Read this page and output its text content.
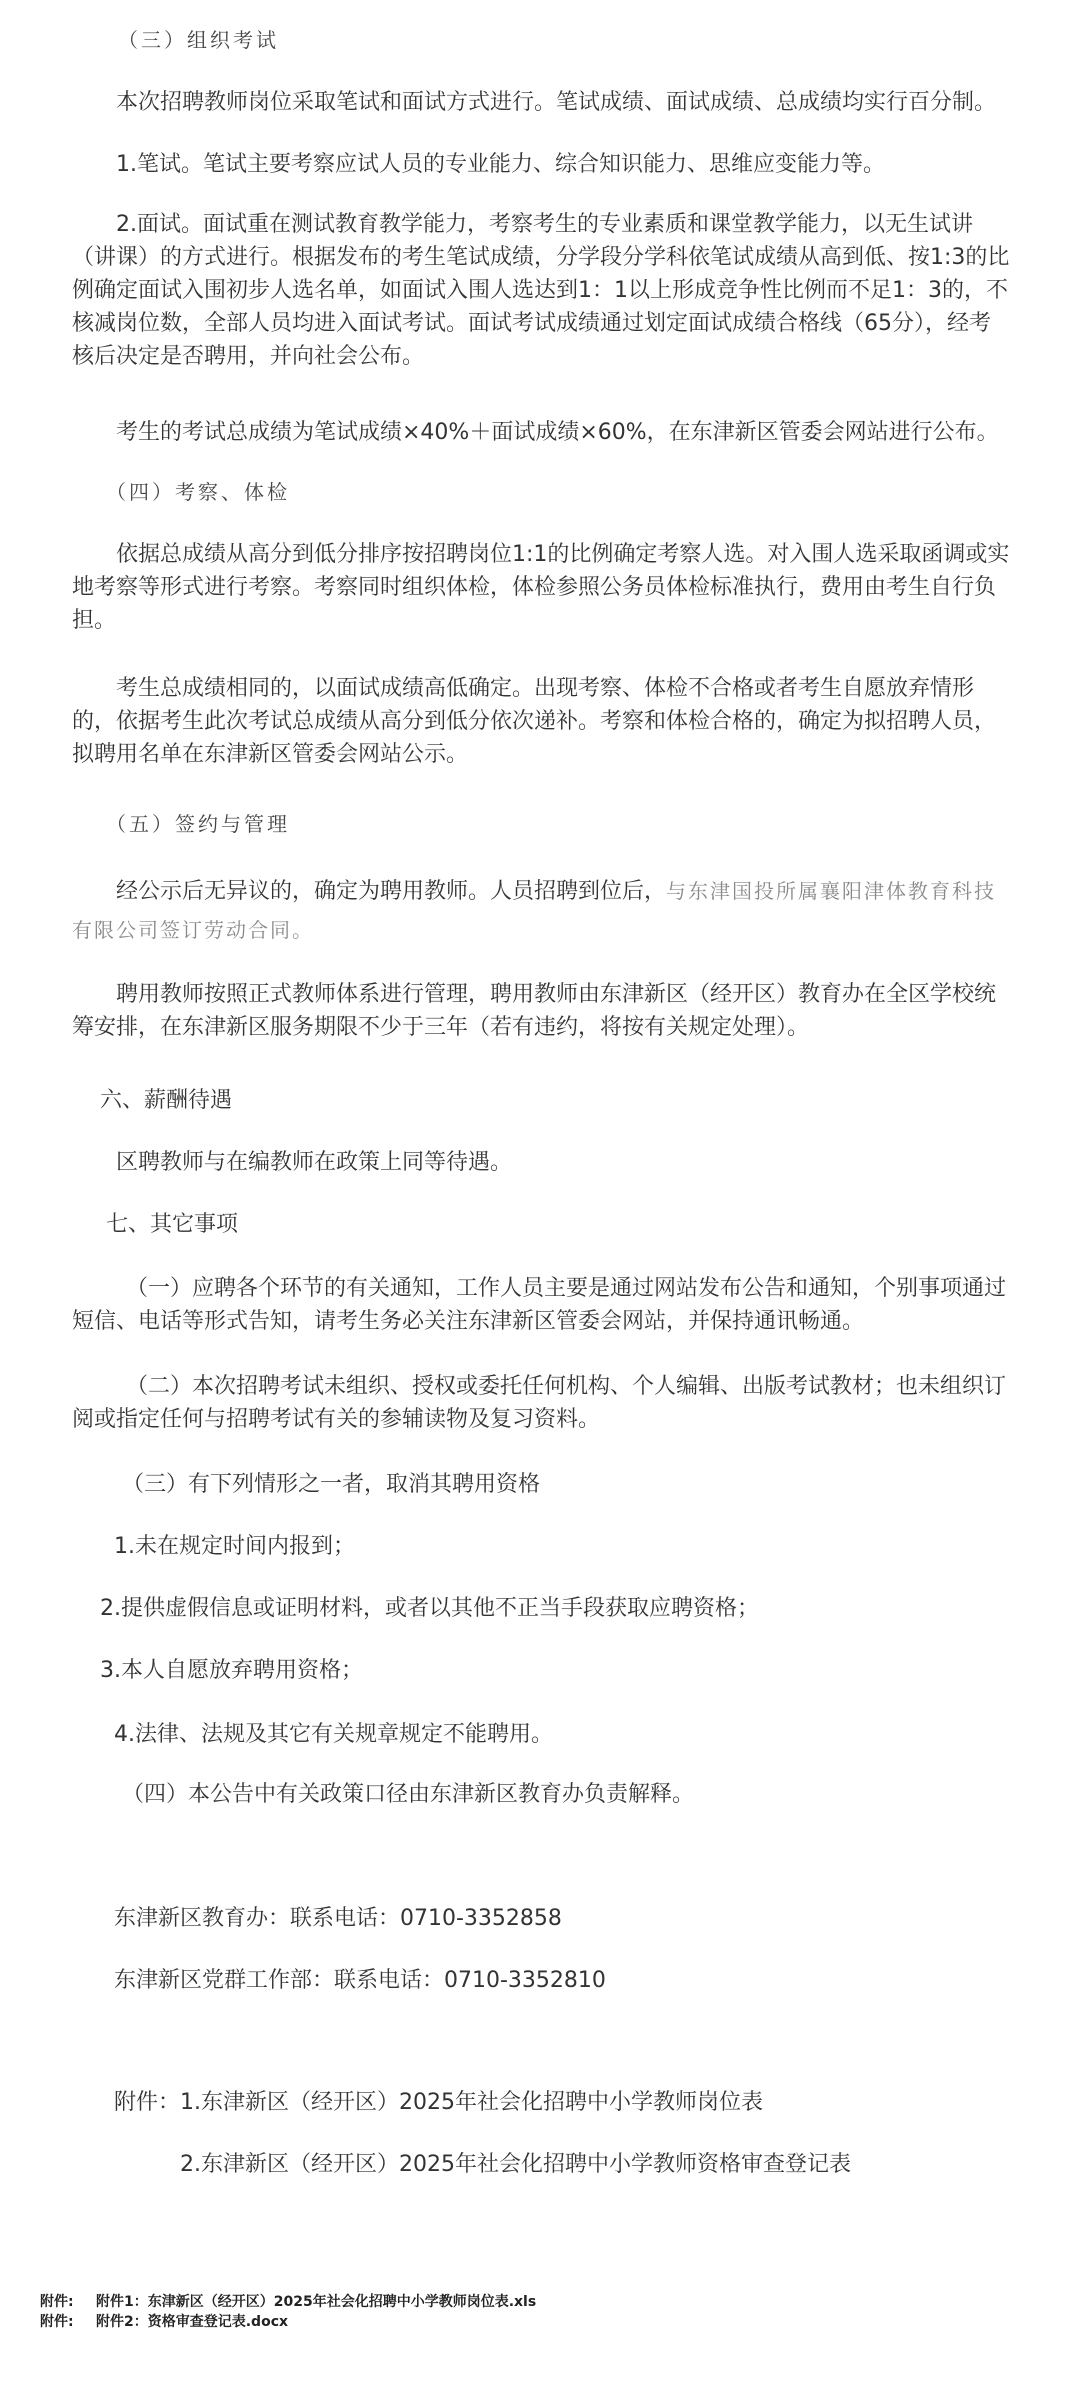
（三）组织考试

本次招聘教师岗位采取笔试和面试方式进行。笔试成绩、面试成绩、总成绩均实行百分制。

1.笔试。笔试主要考察应试人员的专业能力、综合知识能力、思维应变能力等。

2.面试。面试重在测试教育教学能力，考察考生的专业素质和课堂教学能力，以无生试讲（讲课）的方式进行。根据发布的考生笔试成绩，分学段分学科依笔试成绩从高到低、按1:3的比例确定面试入围初步人选名单，如面试入围人选达到1：1以上形成竞争性比例而不足1：3的，不核减岗位数，全部人员均进入面试考试。面试考试成绩通过划定面试成绩合格线（65分），经考核后决定是否聘用，并向社会公布。

考生的考试总成绩为笔试成绩×40%＋面试成绩×60%，在东津新区管委会网站进行公布。

（四）考察、体检

依据总成绩从高分到低分排序按招聘岗位1:1的比例确定考察人选。对入围人选采取函调或实地考察等形式进行考察。考察同时组织体检，体检参照公务员体检标准执行，费用由考生自行负担。

考生总成绩相同的，以面试成绩高低确定。出现考察、体检不合格或者考生自愿放弃情形的，依据考生此次考试总成绩从高分到低分依次递补。考察和体检合格的，确定为拟招聘人员，拟聘用名单在东津新区管委会网站公示。

（五）签约与管理

经公示后无异议的，确定为聘用教师。人员招聘到位后，与东津国投所属襄阳津体教育科技有限公司签订劳动合同。

聘用教师按照正式教师体系进行管理，聘用教师由东津新区（经开区）教育办在全区学校统筹安排，在东津新区服务期限不少于三年（若有违约，将按有关规定处理）。

六、薪酬待遇

区聘教师与在编教师在政策上同等待遇。

七、其它事项

（一）应聘各个环节的有关通知，工作人员主要是通过网站发布公告和通知，个别事项通过短信、电话等形式告知，请考生务必关注东津新区管委会网站，并保持通讯畅通。

（二）本次招聘考试未组织、授权或委托任何机构、个人编辑、出版考试教材；也未组织订阅或指定任何与招聘考试有关的参辅读物及复习资料。

（三）有下列情形之一者，取消其聘用资格

1.未在规定时间内报到；

2.提供虚假信息或证明材料，或者以其他不正当手段获取应聘资格；

3.本人自愿放弃聘用资格；

4.法律、法规及其它有关规章规定不能聘用。

（四）本公告中有关政策口径由东津新区教育办负责解释。

东津新区教育办：联系电话：0710-3352858

东津新区党群工作部：联系电话：0710-3352810

附件：1.东津新区（经开区）2025年社会化招聘中小学教师岗位表

2.东津新区（经开区）2025年社会化招聘中小学教师资格审查登记表

附件: 附件1：东津新区（经开区）2025年社会化招聘中小学教师岗位表.xls
附件: 附件2：资格审查登记表.docx
